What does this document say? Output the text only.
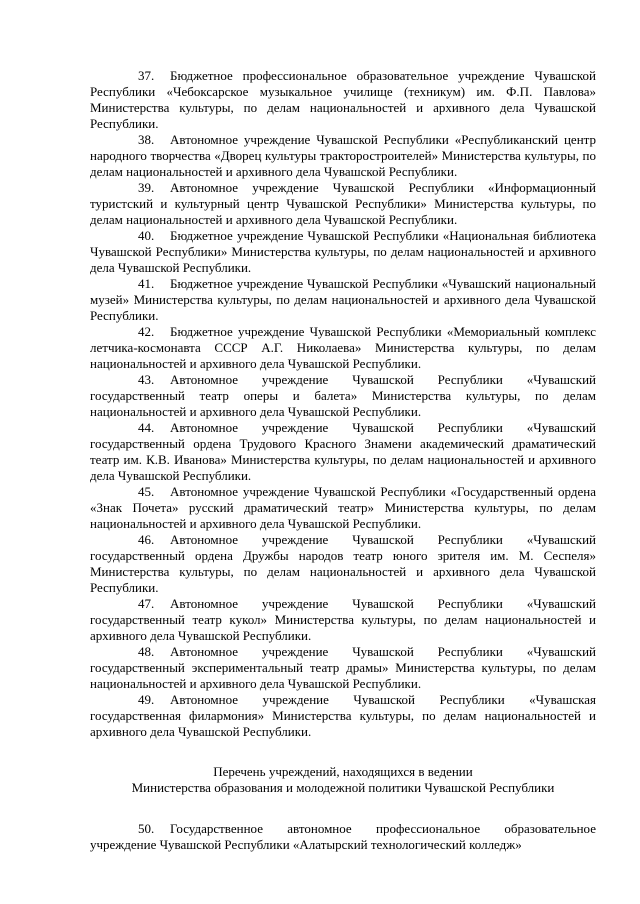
37. Бюджетное профессиональное образовательное учреждение Чувашской Республики «Чебоксарское музыкальное училище (техникум) им. Ф.П. Павлова» Министерства культуры, по делам национальностей и архивного дела Чувашской Республики.

38. Автономное учреждение Чувашской Республики «Республиканский центр народного творчества «Дворец культуры тракторостроителей» Министерства культуры, по делам национальностей и архивного дела Чувашской Республики.

39. Автономное учреждение Чувашской Республики «Информационный туристский и культурный центр Чувашской Республики» Министерства культуры, по делам национальностей и архивного дела Чувашской Республики.

40. Бюджетное учреждение Чувашской Республики «Национальная библиотека Чувашской Республики» Министерства культуры, по делам национальностей и архивного дела Чувашской Республики.

41. Бюджетное учреждение Чувашской Республики «Чувашский национальный музей» Министерства культуры, по делам национальностей и архивного дела Чувашской Республики.

42. Бюджетное учреждение Чувашской Республики «Мемориальный комплекс летчика-космонавта СССР А.Г. Николаева» Министерства культуры, по делам национальностей и архивного дела Чувашской Республики.

43. Автономное учреждение Чувашской Республики «Чувашский государственный театр оперы и балета» Министерства культуры, по делам национальностей и архивного дела Чувашской Республики.

44. Автономное учреждение Чувашской Республики «Чувашский государственный ордена Трудового Красного Знамени академический драматический театр им. К.В. Иванова» Министерства культуры, по делам национальностей и архивного дела Чувашской Республики.

45. Автономное учреждение Чувашской Республики «Государственный ордена «Знак Почета» русский драматический театр» Министерства культуры, по делам национальностей и архивного дела Чувашской Республики.

46. Автономное учреждение Чувашской Республики «Чувашский государственный ордена Дружбы народов театр юного зрителя им. М. Сеспеля» Министерства культуры, по делам национальностей и архивного дела Чувашской Республики.

47. Автономное учреждение Чувашской Республики «Чувашский государственный театр кукол» Министерства культуры, по делам национальностей и архивного дела Чувашской Республики.

48. Автономное учреждение Чувашской Республики «Чувашский государственный экспериментальный театр драмы» Министерства культуры, по делам национальностей и архивного дела Чувашской Республики.

49. Автономное учреждение Чувашской Республики «Чувашская государственная филармония» Министерства культуры, по делам национальностей и архивного дела Чувашской Республики.

Перечень учреждений, находящихся в ведении
Министерства образования и молодежной политики Чувашской Республики

50. Государственное автономное профессиональное образовательное учреждение Чувашской Республики «Алатырский технологический колледж»
